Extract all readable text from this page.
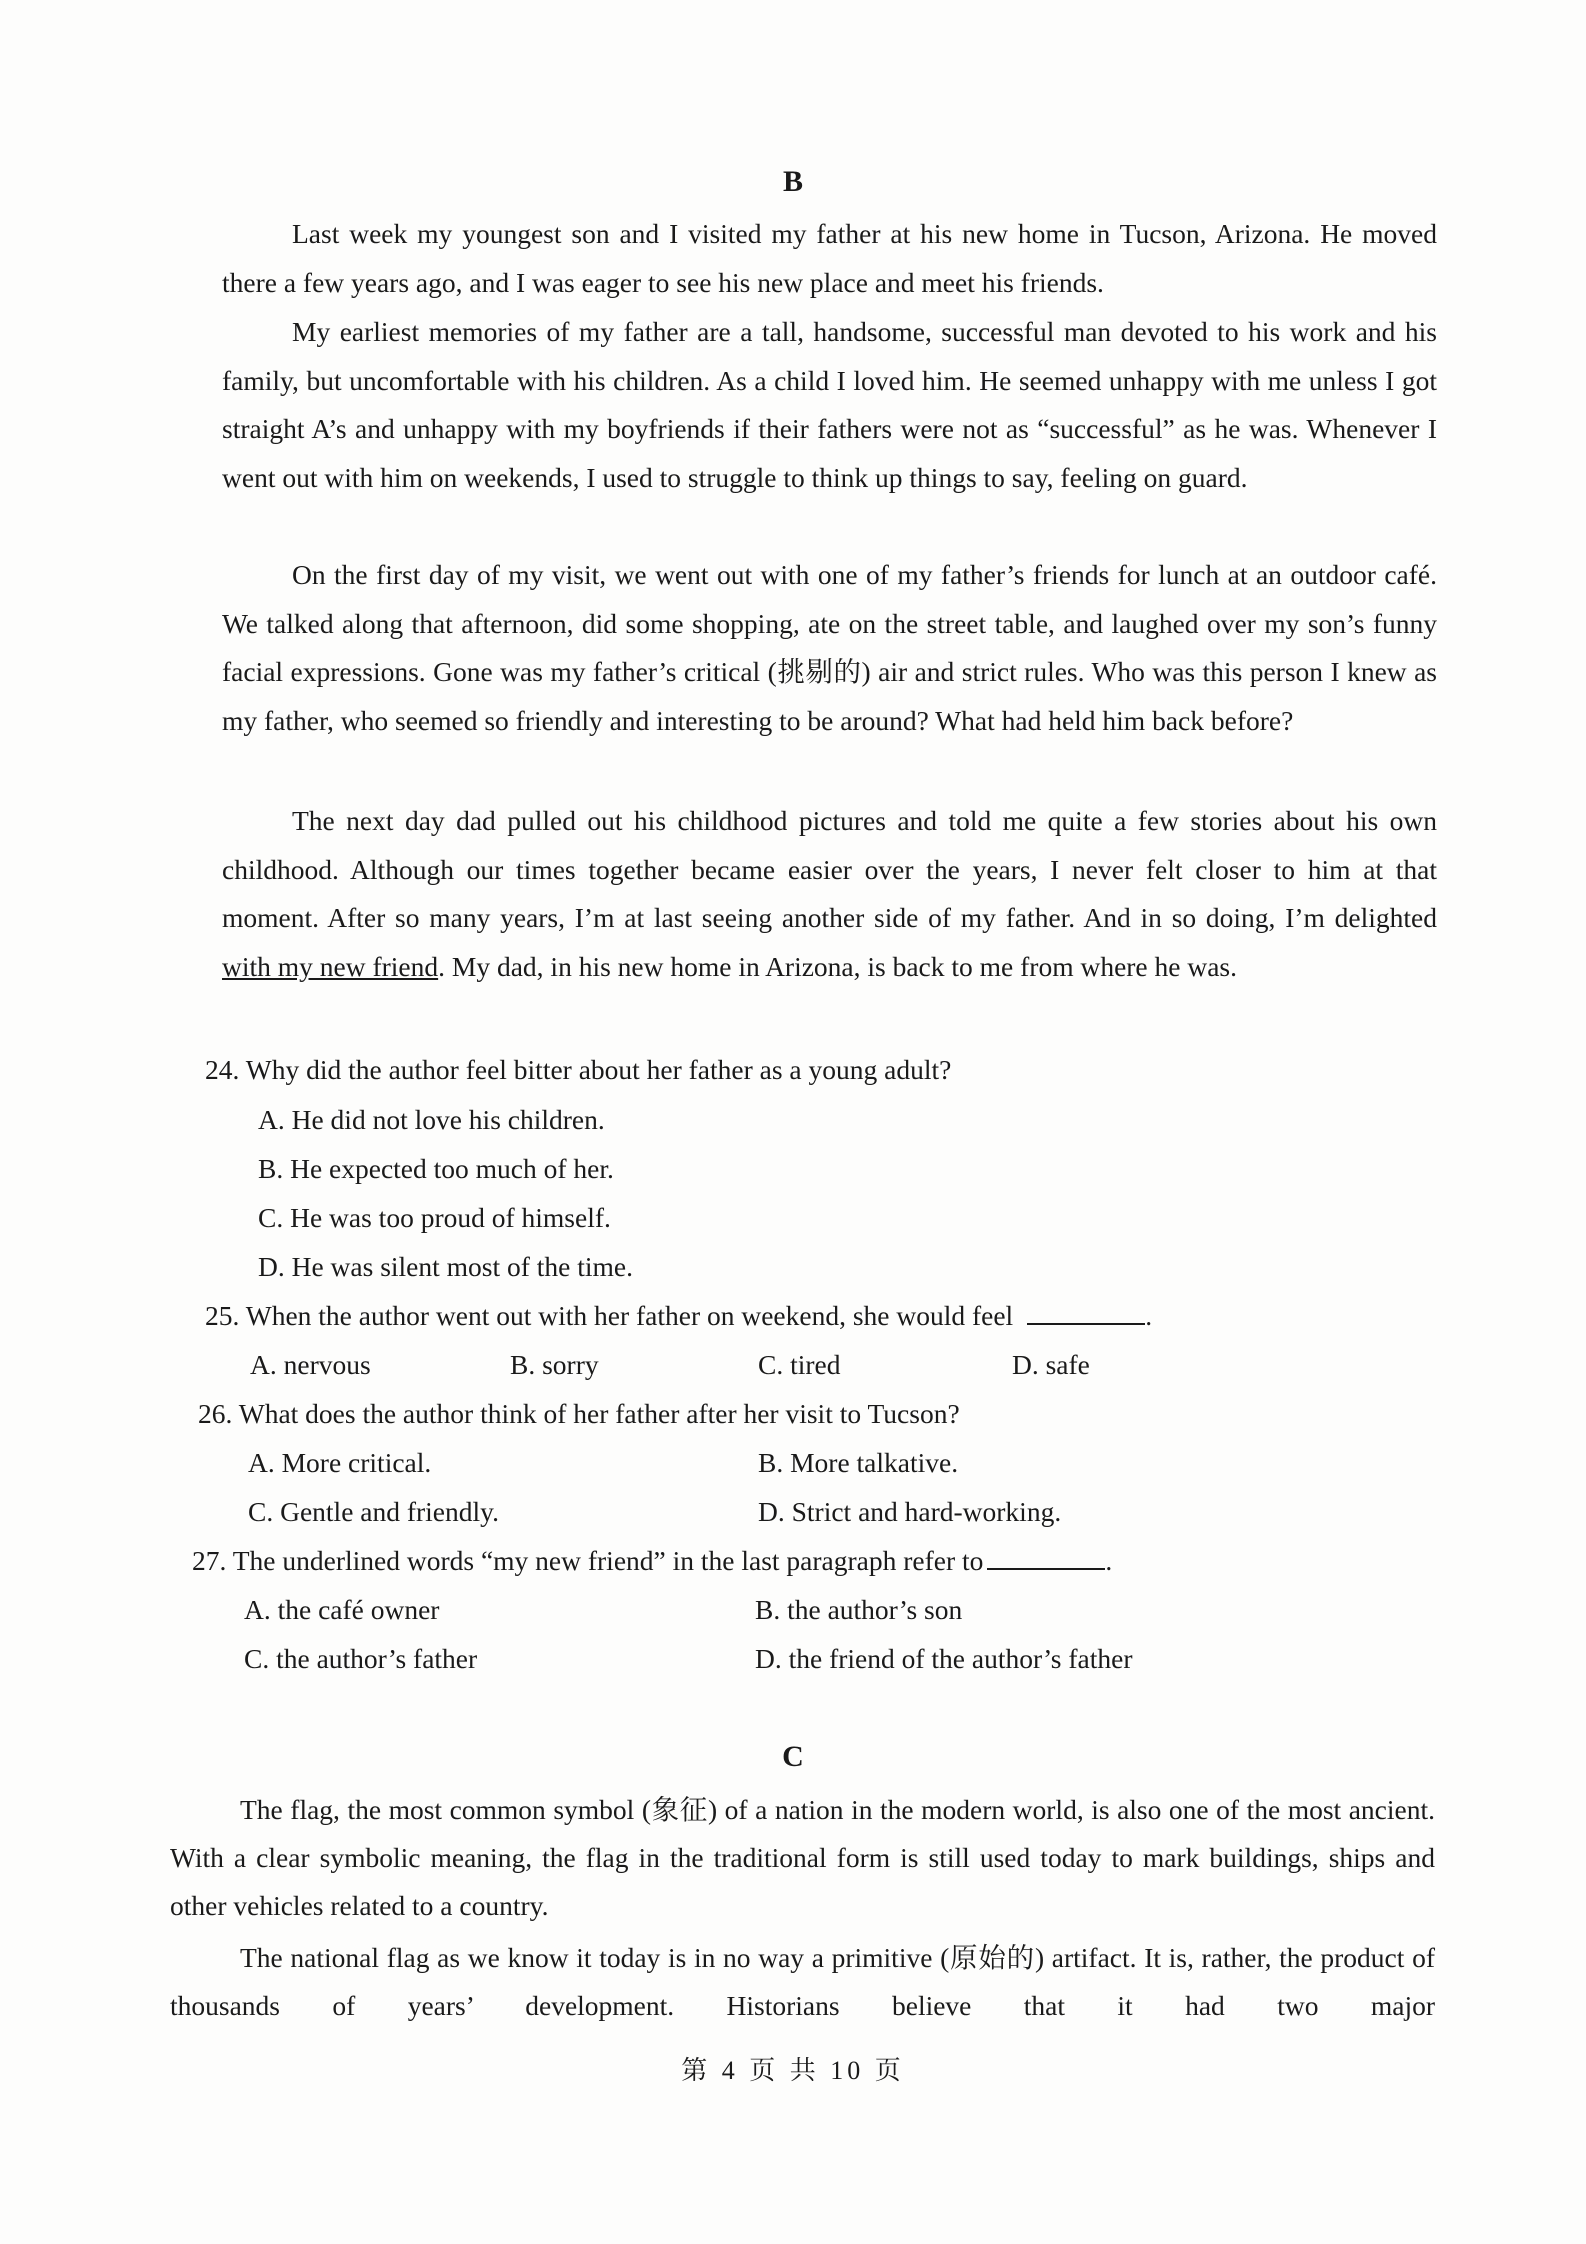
B

Last week my youngest son and I visited my father at his new home in Tucson, Arizona. He moved there a few years ago, and I was eager to see his new place and meet his friends.

My earliest memories of my father are a tall, handsome, successful man devoted to his work and his family, but uncomfortable with his children. As a child I loved him. He seemed unhappy with me unless I got straight A’s and unhappy with my boyfriends if their fathers were not as “successful” as he was. Whenever I went out with him on weekends, I used to struggle to think up things to say, feeling on guard.

On the first day of my visit, we went out with one of my father’s friends for lunch at an outdoor café. We talked along that afternoon, did some shopping, ate on the street table, and laughed over my son’s funny facial expressions. Gone was my father’s critical (挑剔的) air and strict rules. Who was this person I knew as my father, who seemed so friendly and interesting to be around? What had held him back before?

The next day dad pulled out his childhood pictures and told me quite a few stories about his own childhood. Although our times together became easier over the years, I never felt closer to him at that moment. After so many years, I’m at last seeing another side of my father. And in so doing, I’m delighted with my new friend. My dad, in his new home in Arizona, is back to me from where he was.

24. Why did the author feel bitter about her father as a young adult?
A. He did not love his children.
B. He expected too much of her.
C. He was too proud of himself.
D. He was silent most of the time.
25. When the author went out with her father on weekend, she would feel	.
A. nervous	B. sorry	C. tired	D. safe
26. What does the author think of her father after her visit to Tucson?
A. More critical.	B. More talkative.
C. Gentle and friendly.	D. Strict and hard-working.
27. The underlined words “my new friend” in the last paragraph refer to	.
A. the café owner	B. the author’s son
C. the author’s father	D. the friend of the author’s father
C

The flag, the most common symbol (象征) of a nation in the modern world, is also one of the most ancient. With a clear symbolic meaning, the flag in the traditional form is still used today to mark buildings, ships and other vehicles related to a country.

The national flag as we know it today is in no way a primitive (原始的) artifact. It is, rather, the product of thousands of years’ development. Historians believe that it had two major

第 4 页 共 10 页
